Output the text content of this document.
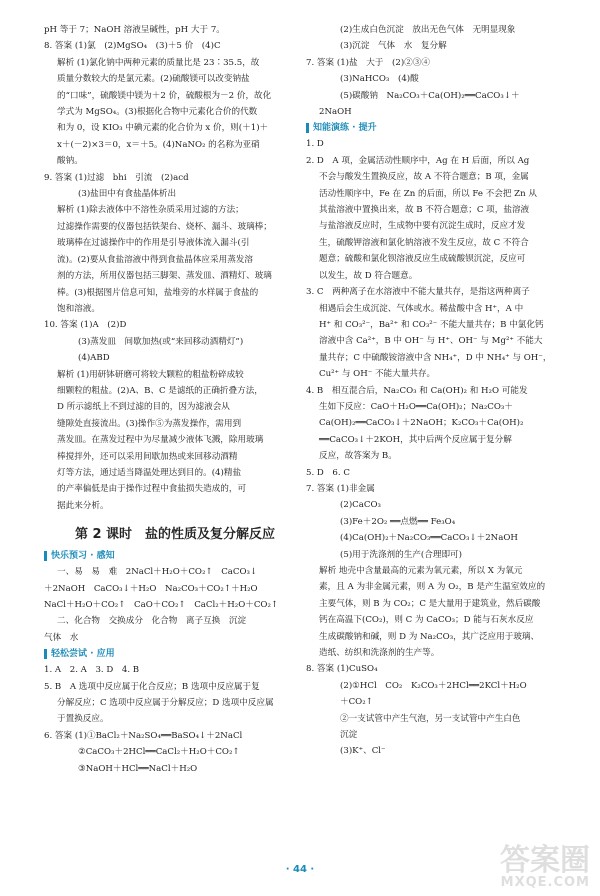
pH 等于 7；NaOH 溶液呈碱性，pH 大于 7。
8. 答案 (1)氯　(2)MgSO₄　(3)＋5 价　(4)C
解析 (1)氯化钠中两种元素的质量比是 23∶35.5，故
质量分数较大的是氯元素。(2)硫酸镁可以改变钠盐
的“口味”，硫酸镁中镁为＋2 价，硫酸根为－2 价，故化
学式为 MgSO₄。(3)根据化合物中元素化合价的代数
和为 0，设 KIO₃ 中碘元素的化合价为 x 价，则(＋1)＋
x＋(－2)×3＝0，x＝＋5。(4)NaNO₂ 的名称为亚硝
酸钠。
9. 答案 (1)过滤　bhi　引流　(2)acd
(3)盐田中有食盐晶体析出
解析 (1)除去液体中不溶性杂质采用过滤的方法；
过滤操作需要的仪器包括铁架台、烧杯、漏斗、玻璃棒；
玻璃棒在过滤操作中的作用是引导液体流入漏斗(引
流)。(2)要从食盐溶液中得到食盐晶体应采用蒸发溶
剂的方法，所用仪器包括三脚架、蒸发皿、酒精灯、玻璃
棒。(3)根据图片信息可知，盐堆旁的水样属于食盐的
饱和溶液。
10. 答案 (1)A　(2)D
(3)蒸发皿　间歇加热(或“来回移动酒精灯”)
(4)ABD
解析 (1)用研钵研磨可将较大颗粒的粗盐粉碎成较
细颗粒的粗盐。(2)A、B、C 是滤纸的正确折叠方法，
D 所示滤纸上不到过滤的目的，因为滤液会从
缝隙处直接流出。(3)操作⑤为蒸发操作，需用到
蒸发皿。在蒸发过程中为尽量减少液体飞溅，除用玻璃
棒搅拌外，还可以采用间歇加热或来回移动酒精
灯等方法，通过适当降温处理达到目的。(4)精盐
的产率偏低是由于操作过程中食盐损失造成的，可
据此来分析。
第 2 课时　盐的性质及复分解反应
快乐预习 · 感知
一、易　易　难　2NaCl＋H₂O＋CO₂↑　CaCO₃↓
＋2NaOH　CaCO₃↓＋H₂O　Na₂CO₃＋CO₂↑＋H₂O
NaCl＋H₂O＋CO₂↑　CaO＋CO₂↑　CaCl₂＋H₂O＋CO₂↑
二、化合物　交换成分　化合物　离子互换　沉淀
气体　水
轻松尝试 · 应用
1. A　2. A　3. D　4. B
5. B　A 选项中反应属于化合反应；B 选项中反应属于复
分解反应；C 选项中反应属于分解反应；D 选项中反应属
于置换反应。
6. 答案 (1)①BaCl₂＋Na₂SO₄══BaSO₄↓＋2NaCl
②CaCO₃＋2HCl══CaCl₂＋H₂O＋CO₂↑
③NaOH＋HCl══NaCl＋H₂O
(2)生成白色沉淀　放出无色气体　无明显现象
(3)沉淀　气体　水　复分解
7. 答案 (1)盐　大于　(2)②③④
(3)NaHCO₃　(4)酸
(5)碳酸钠　Na₂CO₃＋Ca(OH)₂══CaCO₃↓＋
2NaOH
知能演练 · 提升
1. D
2. D　A 项，金属活动性顺序中，Ag 在 H 后面，所以 Ag
不会与酸发生置换反应，故 A 不符合题意；B 项，金属
活动性顺序中，Fe 在 Zn 的后面，所以 Fe 不会把 Zn 从
其盐溶液中置换出来，故 B 不符合题意；C 项，盐溶液
与盐溶液反应时，生成物中要有沉淀生成时，反应才发
生，硫酸钾溶液和氯化钠溶液不发生反应，故 C 不符合
题意；硫酸和氯化钡溶液反应生成硫酸钡沉淀，反应可
以发生，故 D 符合题意。
3. C　两种离子在水溶液中不能大量共存，是指这两种离子
相遇后会生成沉淀、气体或水。稀盐酸中含 H⁺，A 中
H⁺ 和 CO₃²⁻，Ba²⁺ 和 CO₃²⁻ 不能大量共存；B 中氯化钙
溶液中含 Ca²⁺，B 中 OH⁻ 与 H⁺、OH⁻ 与 Mg²⁺ 不能大
量共存；C 中硫酸铵溶液中含 NH₄⁺，D 中 NH₄⁺ 与 OH⁻，
Cu²⁺ 与 OH⁻ 不能大量共存。
4. B　相互混合后，Na₂CO₃ 和 Ca(OH)₂ 和 H₂O 可能发
生如下反应：CaO＋H₂O══Ca(OH)₂；Na₂CO₃＋
Ca(OH)₂══CaCO₃↓＋2NaOH；K₂CO₃＋Ca(OH)₂
══CaCO₃↓＋2KOH，其中后两个反应属于复分解
反应，故答案为 B。
5. D　6. C
7. 答案 (1)非金属
(2)CaCO₃
(3)Fe＋2O₂ ══点燃══ Fe₃O₄
(4)Ca(OH)₂＋Na₂CO₃══CaCO₃↓＋2NaOH
(5)用于洗涤剂的生产(合理即可)
解析 地壳中含量最高的元素为氧元素，所以 X 为氧元
素，且 A 为非金属元素，则 A 为 O₂，B 是产生温室效应的
主要气体，则 B 为 CO₂；C 是大量用于建筑业，然后碳酸
钙在高温下(CO₂)，则 C 为 CaCO₃；D 能与石灰水反应
生成碳酸钠和碱，则 D 为 Na₂CO₃，其广泛应用于玻璃、
造纸、纺织和洗涤剂的生产等。
8. 答案 (1)CuSO₄
(2)①HCl　CO₂　K₂CO₃＋2HCl══2KCl＋H₂O
＋CO₂↑
②一支试管中产生气泡，另一支试管中产生白色
沉淀
(3)K⁺、Cl⁻
· 44 ·	答案圈
MXQE.COM
